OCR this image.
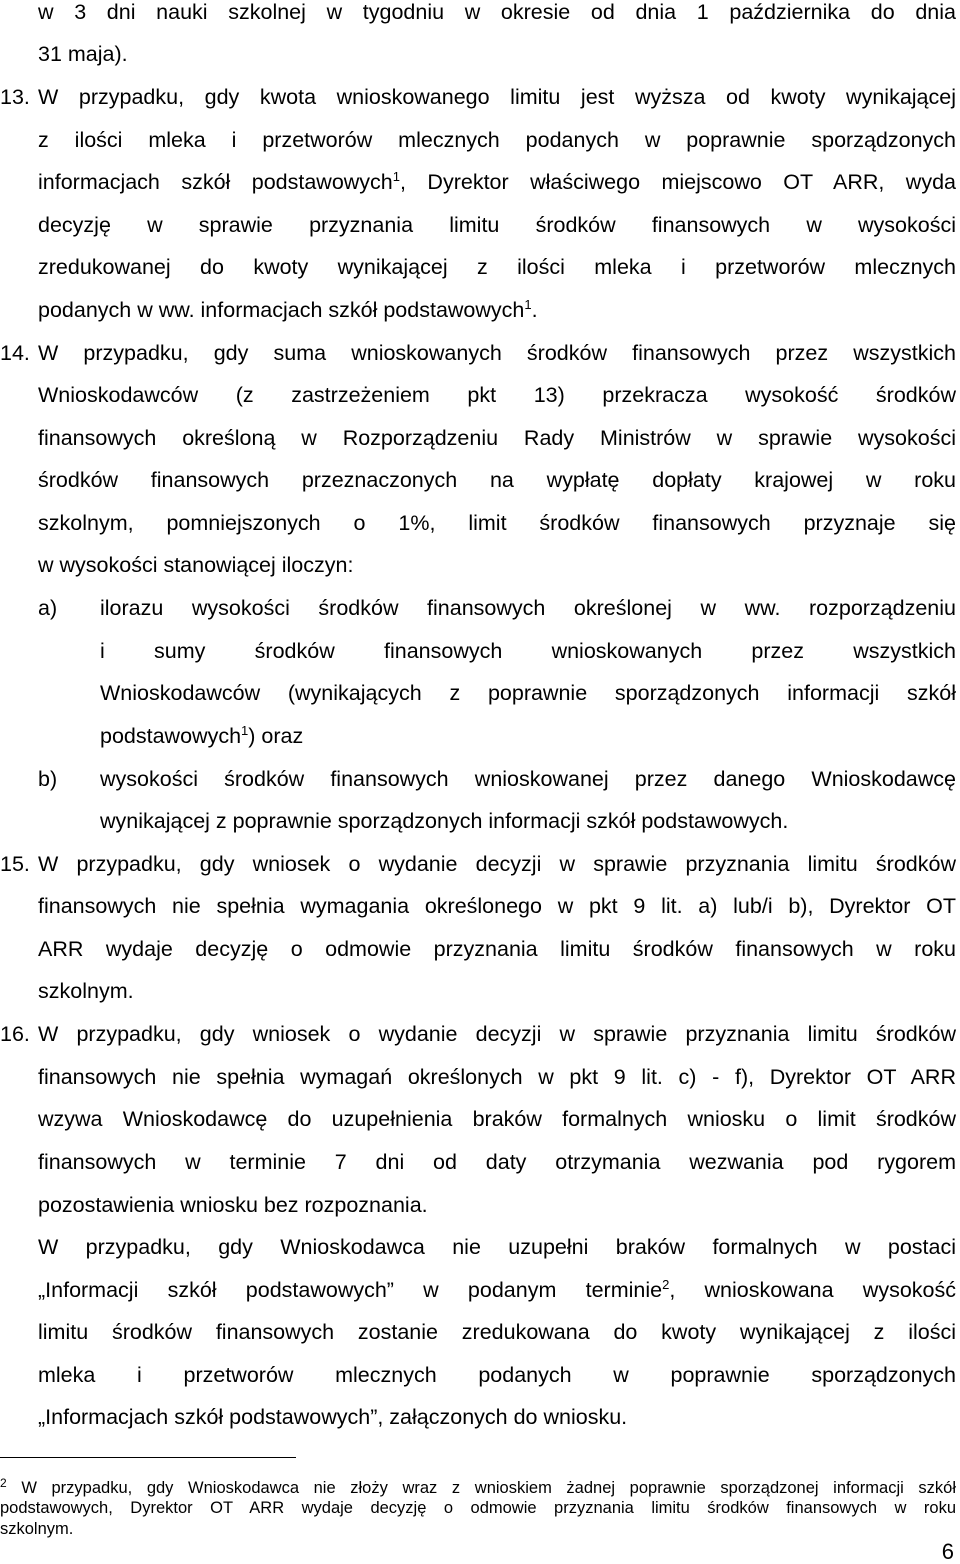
w 3 dni nauki szkolnej w tygodniu w okresie od dnia 1 października do dnia
31 maja).
13. W przypadku, gdy kwota wnioskowanego limitu jest wyższa od kwoty wynikającej
z ilości mleka i przetworów mlecznych podanych w poprawnie sporządzonych
informacjach szkół podstawowych$^1$, Dyrektor właściwego miejscowo OT ARR, wyda
decyzję w sprawie przyznania limitu środków finansowych w wysokości
zredukowanej do kwoty wynikającej z ilości mleka i przetworów mlecznych
podanych w ww. informacjach szkół podstawowych$^1$.
14. W przypadku, gdy suma wnioskowanych środków finansowych przez wszystkich
Wnioskodawców (z zastrzeżeniem pkt 13) przekracza wysokość środków
finansowych określoną w Rozporządzeniu Rady Ministrów w sprawie wysokości
środków finansowych przeznaczonych na wypłatę dopłaty krajowej w roku
szkolnym, pomniejszonych o 1%, limit środków finansowych przyznaje się
w wysokości stanowiącej iloczyn:
a) ilorazu wysokości środków finansowych określonej w ww. rozporządzeniu
i sumy środków finansowych wnioskowanych przez wszystkich
Wnioskodawców (wynikających z poprawnie sporządzonych informacji szkół
podstawowych$^1$) oraz
b) wysokości środków finansowych wnioskowanej przez danego Wnioskodawcę
wynikającej z poprawnie sporządzonych informacji szkół podstawowych.
15. W przypadku, gdy wniosek o wydanie decyzji w sprawie przyznania limitu środków
finansowych nie spełnia wymagania określonego w pkt 9 lit. a) lub/i b), Dyrektor OT
ARR wydaje decyzję o odmowie przyznania limitu środków finansowych w roku
szkolnym.
16. W przypadku, gdy wniosek o wydanie decyzji w sprawie przyznania limitu środków
finansowych nie spełnia wymagań określonych w pkt 9 lit. c) - f), Dyrektor OT ARR
wzywa Wnioskodawcę do uzupełnienia braków formalnych wniosku o limit środków
finansowych w terminie 7 dni od daty otrzymania wezwania pod rygorem
pozostawienia wniosku bez rozpoznania.
W przypadku, gdy Wnioskodawca nie uzupełni braków formalnych w postaci
„Informacji szkół podstawowych” w podanym terminie$^2$, wnioskowana wysokość
limitu środków finansowych zostanie zredukowana do kwoty wynikającej z ilości
mleka i przetworów mlecznych podanych w poprawnie sporządzonych
„Informacjach szkół podstawowych”, załączonych do wniosku.
$^2$ W przypadku, gdy Wnioskodawca nie złoży wraz z wnioskiem żadnej poprawnie sporządzonej informacji szkół
podstawowych, Dyrektor OT ARR wydaje decyzję o odmowie przyznania limitu środków finansowych w roku
szkolnym.
6
